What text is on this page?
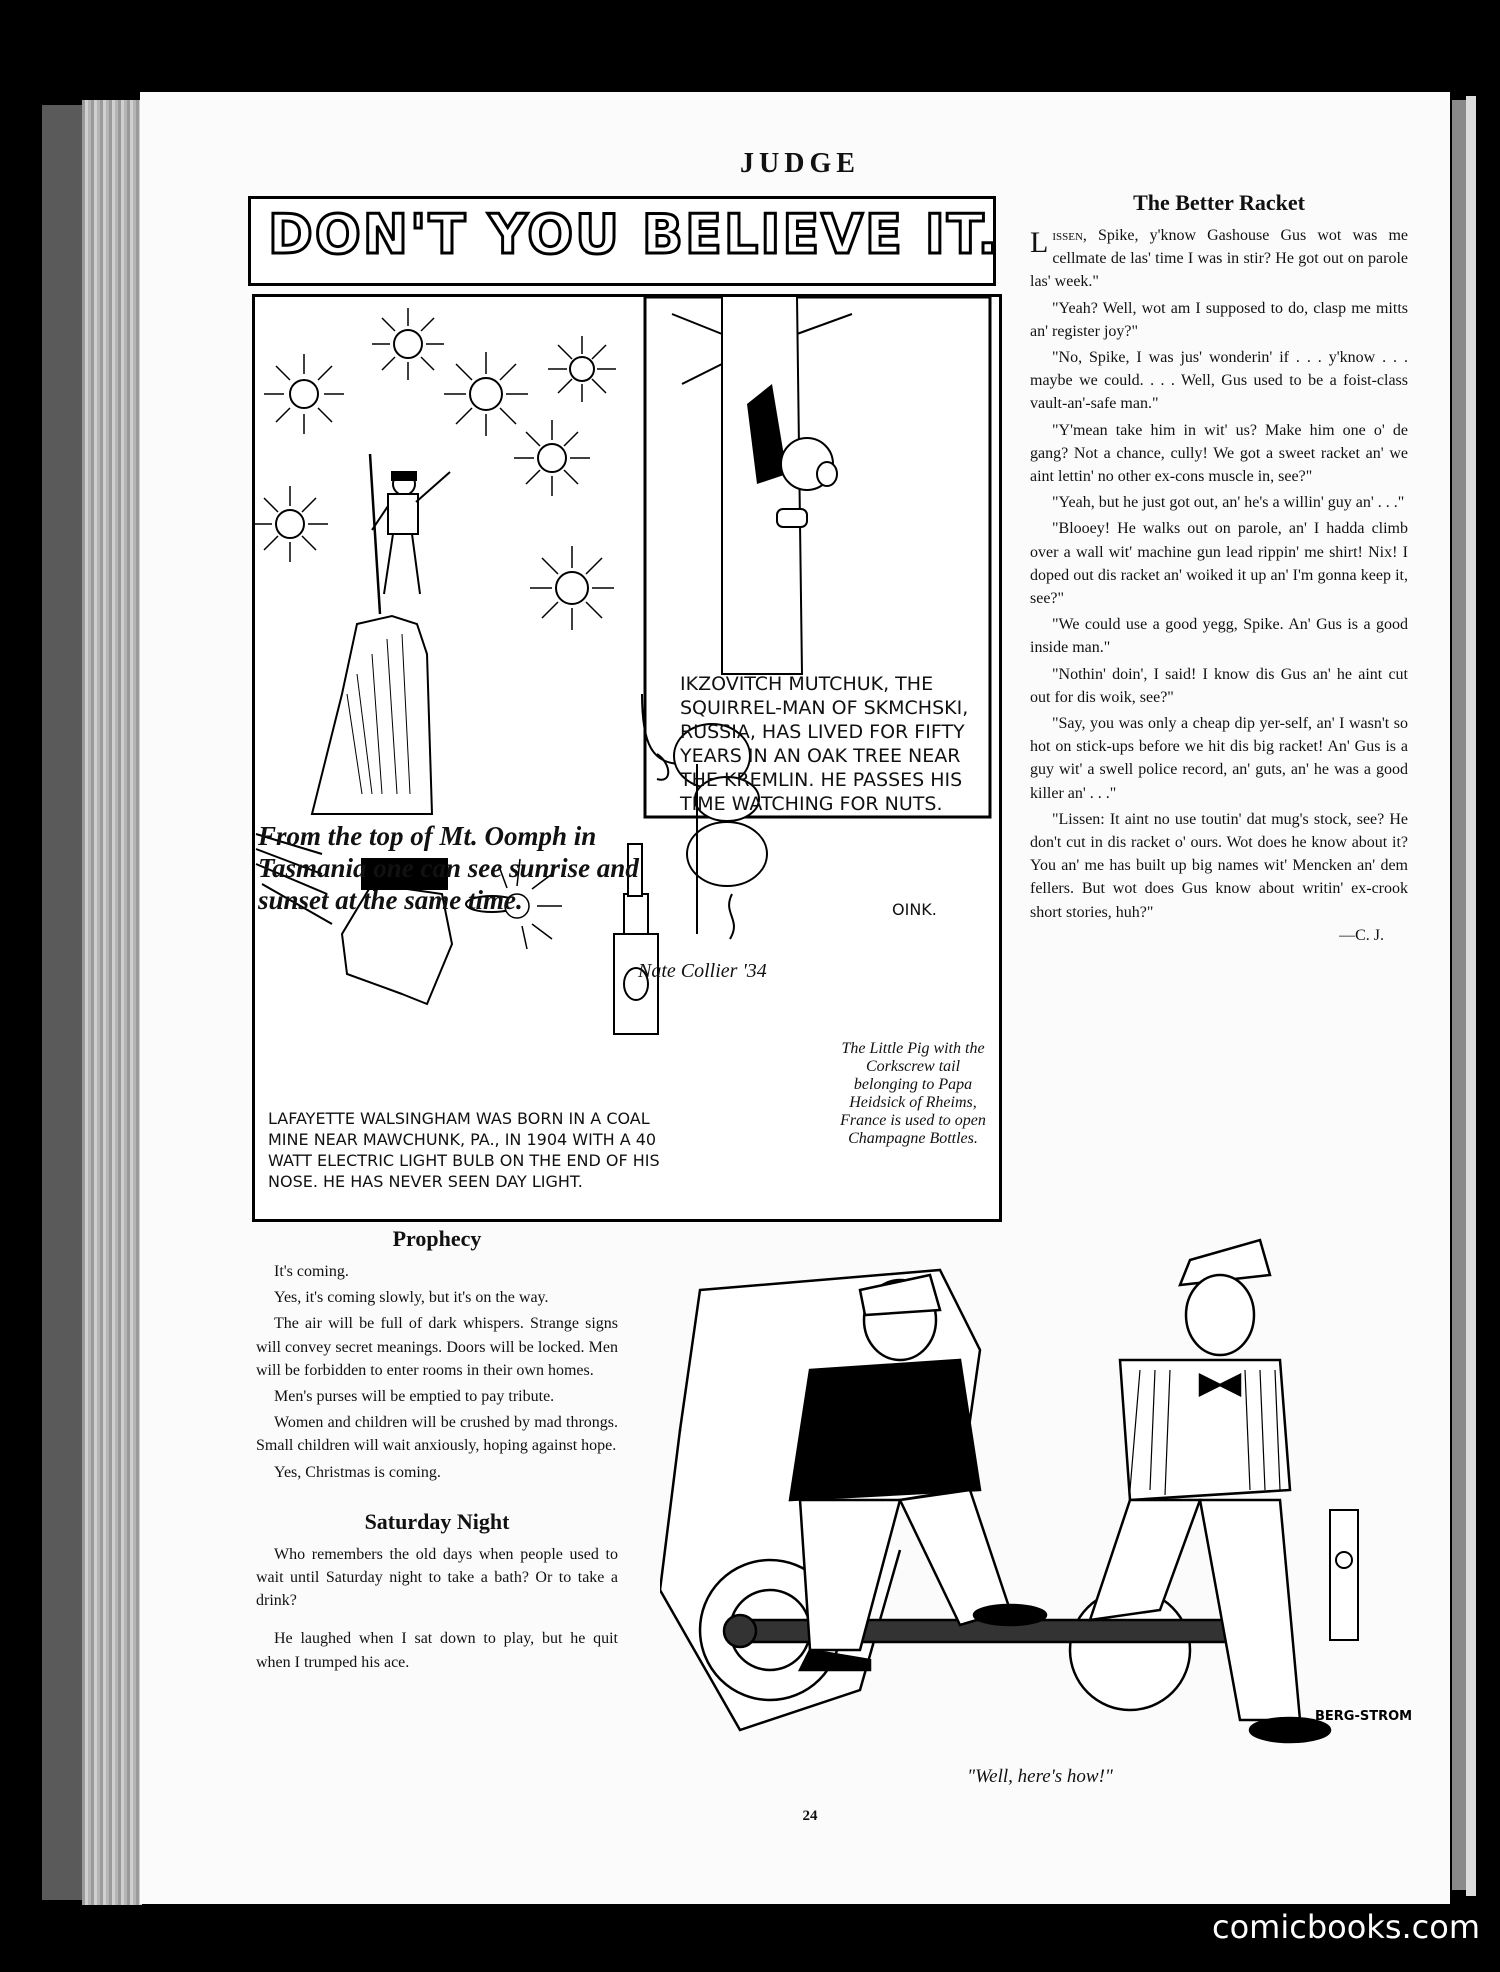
JUDGE
DON'T YOU BELIEVE IT.
IKZOVITCH MUTCHUK, THE SQUIRREL-MAN OF SKMCHSKI, RUSSIA, HAS LIVED FOR FIFTY YEARS IN AN OAK TREE NEAR THE KREMLIN. HE PASSES HIS TIME WATCHING FOR NUTS.
From the top of Mt. Oomph in Tasmania one can see sunrise and sunset at the same time.
LAFAYETTE WALSINGHAM WAS BORN IN A COAL MINE NEAR MAWCHUNK, PA., IN 1904 WITH A 40 WATT ELECTRIC LIGHT BULB ON THE END OF HIS NOSE. HE HAS NEVER SEEN DAY LIGHT.
The Little Pig with the Corkscrew tail belonging to Papa Heidsick of Rheims, France is used to open Champagne Bottles.
OINK.
Nate Collier '34
The Better Racket

Lissen, Spike, y'know Gashouse Gus wot was me cellmate de las' time I was in stir? He got out on parole las' week."

"Yeah? Well, wot am I supposed to do, clasp me mitts an' register joy?"

"No, Spike, I was jus' wonderin' if . . . y'know . . . maybe we could. . . . Well, Gus used to be a foist-class vault-an'-safe man."

"Y'mean take him in wit' us? Make him one o' de gang? Not a chance, cully! We got a sweet racket an' we aint lettin' no other ex-cons muscle in, see?"

"Yeah, but he just got out, an' he's a willin' guy an' . . ."

"Blooey! He walks out on parole, an' I hadda climb over a wall wit' machine gun lead rippin' me shirt! Nix! I doped out dis racket an' woiked it up an' I'm gonna keep it, see?"

"We could use a good yegg, Spike. An' Gus is a good inside man."

"Nothin' doin', I said! I know dis Gus an' he aint cut out for dis woik, see?"

"Say, you was only a cheap dip yer-self, an' I wasn't so hot on stick-ups before we hit dis big racket! An' Gus is a guy wit' a swell police record, an' guts, an' he was a good killer an' . . ."

"Lissen: It aint no use toutin' dat mug's stock, see? He don't cut in dis racket o' ours. Wot does he know about it? You an' me has built up big names wit' Mencken an' dem fellers. But wot does Gus know about writin' ex-crook short stories, huh?"

—C. J.
Prophecy

It's coming.

Yes, it's coming slowly, but it's on the way.

The air will be full of dark whispers. Strange signs will convey secret meanings. Doors will be locked. Men will be forbidden to enter rooms in their own homes.

Men's purses will be emptied to pay tribute.

Women and children will be crushed by mad throngs. Small children will wait anxiously, hoping against hope.

Yes, Christmas is coming.

Saturday Night

Who remembers the old days when people used to wait until Saturday night to take a bath? Or to take a drink?

He laughed when I sat down to play, but he quit when I trumped his ace.

BERG-STROM
"Well, here's how!"
24
comicbooks.com
